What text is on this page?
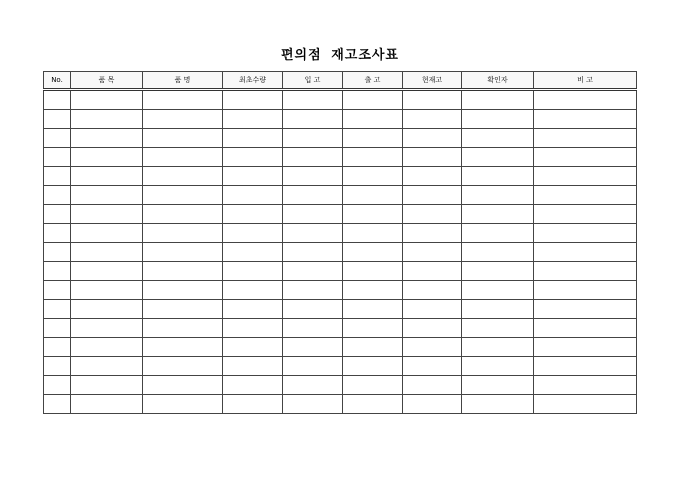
편의점 재고조사표
No.	품 목	품 명	최초수량	입 고	출 고	현재고	확인자	비 고
